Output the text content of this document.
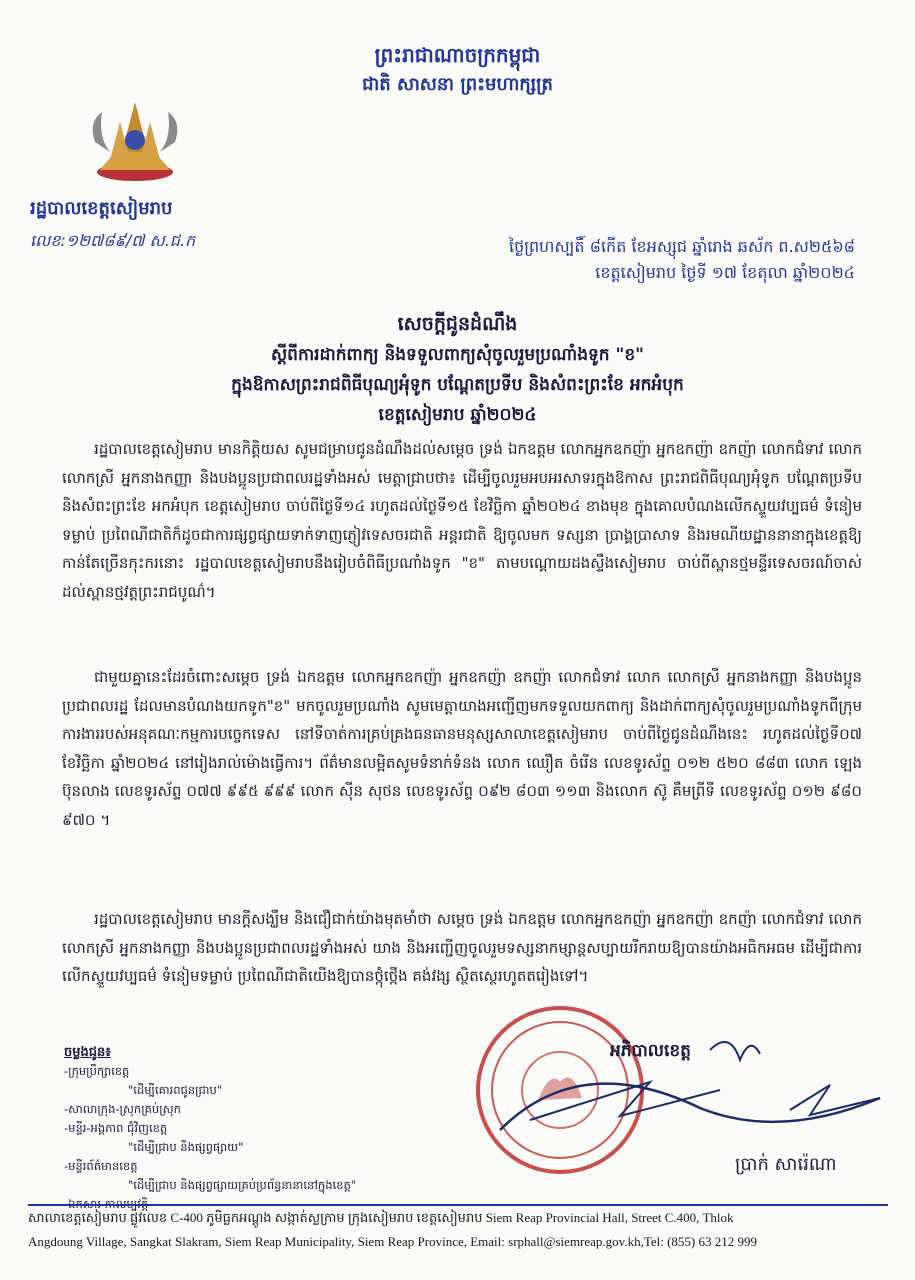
ព្រះរាជាណាចក្រកម្ពុជា
ជាតិ សាសនា ព្រះមហាក្សត្រ
រដ្ឋបាលខេត្តសៀមរាប
លេខ:១២៧៨៩/៧ ស.ជ.ក	ថ្ងៃព្រហស្បតិ៍ ៨កើត ខែអស្សុជ ឆ្នាំរោង ឆស័ក ព.ស២៥៦៨
ខេត្តសៀមរាប ថ្ងៃទី ១៧ ខែតុលា ឆ្នាំ២០២៤
សេចក្តីជូនដំណឹង
ស្តីពីការដាក់ពាក្យ និងទទួលពាក្យសុំចូលរួមប្រណាំងទូក "ខ"
ក្នុងឱកាសព្រះរាជពិធីបុណ្យអុំទូក បណ្តែតប្រទីប និងសំពះព្រះខែ អកអំបុក
ខេត្តសៀមរាប ឆ្នាំ២០២៤
រដ្ឋបាលខេត្តសៀមរាប មានកិត្តិយស សូមជម្រាបជូនដំណឹងដល់សម្តេច ទ្រង់ ឯកឧត្តម លោកអ្នកឧកញ៉ា អ្នកឧកញ៉ា ឧកញ៉ា លោកជំទាវ លោក លោកស្រី អ្នកនាងកញ្ញា និងបងប្អូនប្រជាពលរដ្ឋទាំងអស់ មេត្តាជ្រាបថា៖ ដើម្បីចូលរួមអបអរសាទរក្នុងឱកាស ព្រះរាជពិធីបុណ្យអុំទូក បណ្តែតប្រទីប និងសំពះព្រះខែ អកអំបុក ខេត្តសៀមរាប ចាប់ពីថ្ងៃទី១៤ រហូតដល់ថ្ងៃទី១៥ ខែវិច្ឆិកា ឆ្នាំ២០២៤ ខាងមុខ ក្នុងគោលបំណងលើកស្ទួយវប្បធម៌ ទំនៀមទម្លាប់ ប្រពៃណីជាតិក៏ដូចជាការផ្សព្វផ្សាយទាក់ទាញភ្ញៀវទេសចរជាតិ អន្តរជាតិ ឱ្យចូលមក ទស្សនា ប្រាង្គប្រាសាទ និងរមណីយដ្ឋាននានាក្នុងខេត្តឱ្យកាន់តែច្រើនកុះករនោះ រដ្ឋបាលខេត្តសៀមរាបនឹងរៀបចំពិធីប្រណាំងទូក "ខ" តាមបណ្តោយដងស្ទឹងសៀមរាប ចាប់ពីស្ពានថ្មមន្ទីរទេសចរណ៍ចាស់ ដល់ស្ពានថ្មវត្តព្រះរាជបូណ៌។
ជាមួយគ្នានេះដែរចំពោះសម្តេច ទ្រង់ ឯកឧត្តម លោកអ្នកឧកញ៉ា អ្នកឧកញ៉ា ឧកញ៉ា លោកជំទាវ លោក លោកស្រី អ្នកនាងកញ្ញា និងបងប្អូនប្រជាពលរដ្ឋ ដែលមានបំណងយកទូក"ខ" មកចូលរួមប្រណាំង សូមមេត្តាយាងអញ្ជើញមកទទួលយកពាក្យ និងដាក់ពាក្យសុំចូលរួមប្រណាំងទូកពីក្រុមការងាររបស់អនុគណៈកម្មការបច្ចេកទេស នៅទីចាត់ការគ្រប់គ្រងធនធានមនុស្សសាលាខេត្តសៀមរាប ចាប់ពីថ្ងៃជូនដំណឹងនេះ រហូតដល់ថ្ងៃទី០៧ ខែវិច្ឆិកា ឆ្នាំ២០២៤ នៅរៀងរាល់ម៉ោងធ្វើការ។ ព័ត៌មានលម្អិតសូមទំនាក់ទំនង លោក ឈឿត ចំរើន លេខទូរស័ព្ទ ០១២ ៥២០ ៨៨៣ លោក ឡេង ប៊ុនលាង លេខទូរស័ព្ទ ០៧៧ ៩៩៥ ៩៩៩ លោក ស៊ីន សុថន លេខទូរស័ព្ទ ០៩២ ៨០៣ ១១៣ និងលោក ស៊ូ គឹមព្រីទី លេខទូរស័ព្ទ ០១២ ៩៨០ ៩៧០ ។
រដ្ឋបាលខេត្តសៀមរាប មានក្តីសង្ឃឹម និងជឿជាក់យ៉ាងមុតមាំថា សម្តេច ទ្រង់ ឯកឧត្តម លោកអ្នកឧកញ៉ា អ្នកឧកញ៉ា ឧកញ៉ា លោកជំទាវ លោក លោកស្រី អ្នកនាងកញ្ញា និងបងប្អូនប្រជាពលរដ្ឋទាំងអស់ យាង និងអញ្ជើញចូលរួមទស្សនាកម្សាន្តសប្បាយរីករាយឱ្យបានយ៉ាងអធិកអធម ដើម្បីជាការលើកស្ទួយវប្បធម៌ ទំនៀមទម្លាប់ ប្រពៃណីជាតិយើងឱ្យបានថ្កុំថ្កើង គង់វង្ស ស្ថិតស្ថេរហូតតរៀងទៅ។
ចម្លងជូន៖
-ក្រុមប្រឹក្សាខេត្ត
"ដើម្បីគោរពជូនជ្រាប"
-សាលាក្រុង-ស្រុកគ្រប់ស្រុក
-មន្ទីរ-អង្គភាព ជុំវិញខេត្ត
"ដើម្បីជ្រាប និងផ្សព្វផ្សាយ"
-មន្ទីរព័ត៌មានខេត្ត
"ដើម្បីជ្រាប និងផ្សព្វផ្សាយគ្រប់ប្រព័ន្ធនានានៅក្នុងខេត្ត"
អភិបាលខេត្ត
ប្រាក់ សារ៉េណា
សាលាខេត្តសៀមរាប ផ្លូវលេខ C-400 ភូមិធ្លកអណ្តូង សង្កាត់ស្លក្រាម ក្រុងសៀមរាប ខេត្តសៀមរាប Siem Reap Provincial Hall, Street C.400, Thlok
Angdoung Village, Sangkat Slakram, Siem Reap Municipality, Siem Reap Province, Email: srphall@siemreap.gov.kh,Tel: (855) 63 212 999
